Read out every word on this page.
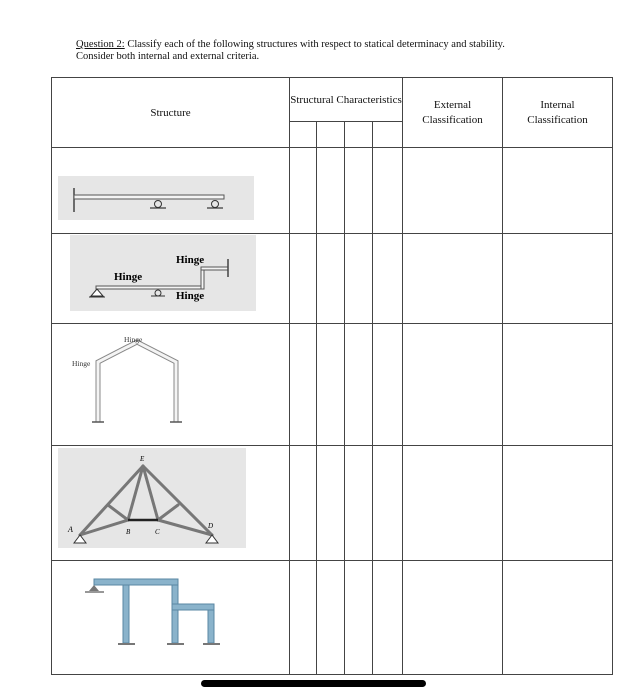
Question 2: Classify each of the following structures with respect to statical determinacy and stability.
Consider both internal and external criteria.
Structure	Structural Characteristics				External Classification	Internal Classification

Hinge
Hinge
Hinge
Hinge
Hinge
A	B	C
D
E
